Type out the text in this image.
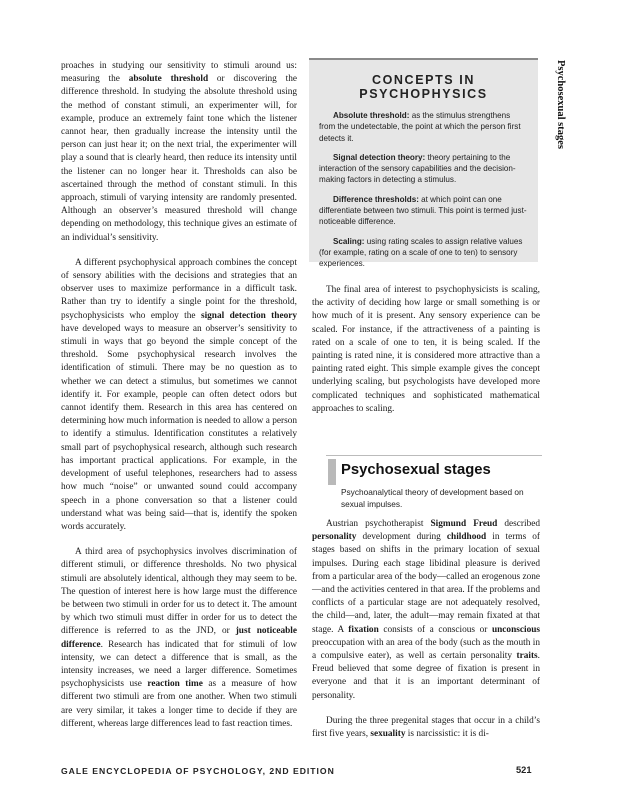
proaches in studying our sensitivity to stimuli around us: measuring the absolute threshold or discovering the difference threshold. In studying the absolute threshold using the method of constant stimuli, an experimenter will, for example, produce an extremely faint tone which the listener cannot hear, then gradually increase the intensity until the person can just hear it; on the next trial, the experimenter will play a sound that is clearly heard, then reduce its intensity until the listener can no longer hear it. Thresholds can also be ascertained through the method of constant stimuli. In this approach, stimuli of varying intensity are randomly presented. Although an observer’s measured threshold will change depending on methodology, this technique gives an estimate of an individual’s sensitivity.

A different psychophysical approach combines the concept of sensory abilities with the decisions and strategies that an observer uses to maximize performance in a difficult task. Rather than try to identify a single point for the threshold, psychophysicists who employ the signal detection theory have developed ways to measure an observer’s sensitivity to stimuli in ways that go beyond the simple concept of the threshold. Some psychophysical research involves the identification of stimuli. There may be no question as to whether we can detect a stimulus, but sometimes we cannot identify it. For example, people can often detect odors but cannot identify them. Research in this area has centered on determining how much information is needed to allow a person to identify a stimulus. Identification constitutes a relatively small part of psychophysical research, although such research has important practical applications. For example, in the development of useful telephones, researchers had to assess how much “noise” or unwanted sound could accompany speech in a phone conversation so that a listener could understand what was being said—that is, identify the spoken words accurately.

A third area of psychophysics involves discrimination of different stimuli, or difference thresholds. No two physical stimuli are absolutely identical, although they may seem to be. The question of interest here is how large must the difference be between two stimuli in order for us to detect it. The amount by which two stimuli must differ in order for us to detect the difference is referred to as the JND, or just noticeable difference. Research has indicated that for stimuli of low intensity, we can detect a difference that is small, as the intensity increases, we need a larger difference. Sometimes psychophysicists use reaction time as a measure of how different two stimuli are from one another. When two stimuli are very similar, it takes a longer time to decide if they are different, whereas large differences lead to fast reaction times.

CONCEPTS IN PSYCHOPHYSICS
Absolute threshold: as the stimulus strengthens from the undetectable, the point at which the person first detects it.
Signal detection theory: theory pertaining to the interaction of the sensory capabilities and the decision-making factors in detecting a stimulus.
Difference thresholds: at which point can one differentiate between two stimuli. This point is termed just-noticeable difference.
Scaling: using rating scales to assign relative values (for example, rating on a scale of one to ten) to sensory experiences.
Psychosexual stages

The final area of interest to psychophysicists is scaling, the activity of deciding how large or small something is or how much of it is present. Any sensory experience can be scaled. For instance, if the attractiveness of a painting is rated on a scale of one to ten, it is being scaled. If the painting is rated nine, it is considered more attractive than a painting rated eight. This simple example gives the concept underlying scaling, but psychologists have developed more complicated techniques and sophisticated mathematical approaches to scaling.

Psychosexual stages
Psychoanalytical theory of development based on sexual impulses.

Austrian psychotherapist Sigmund Freud described personality development during childhood in terms of stages based on shifts in the primary location of sexual impulses. During each stage libidinal pleasure is derived from a particular area of the body—called an erogenous zone—and the activities centered in that area. If the problems and conflicts of a particular stage are not adequately resolved, the child—and, later, the adult—may remain fixated at that stage. A fixation consists of a conscious or unconscious preoccupation with an area of the body (such as the mouth in a compulsive eater), as well as certain personality traits. Freud believed that some degree of fixation is present in everyone and that it is an important determinant of personality.

During the three pregenital stages that occur in a child’s first five years, sexuality is narcissistic: it is di-

GALE ENCYCLOPEDIA OF PSYCHOLOGY, 2ND EDITION	521
